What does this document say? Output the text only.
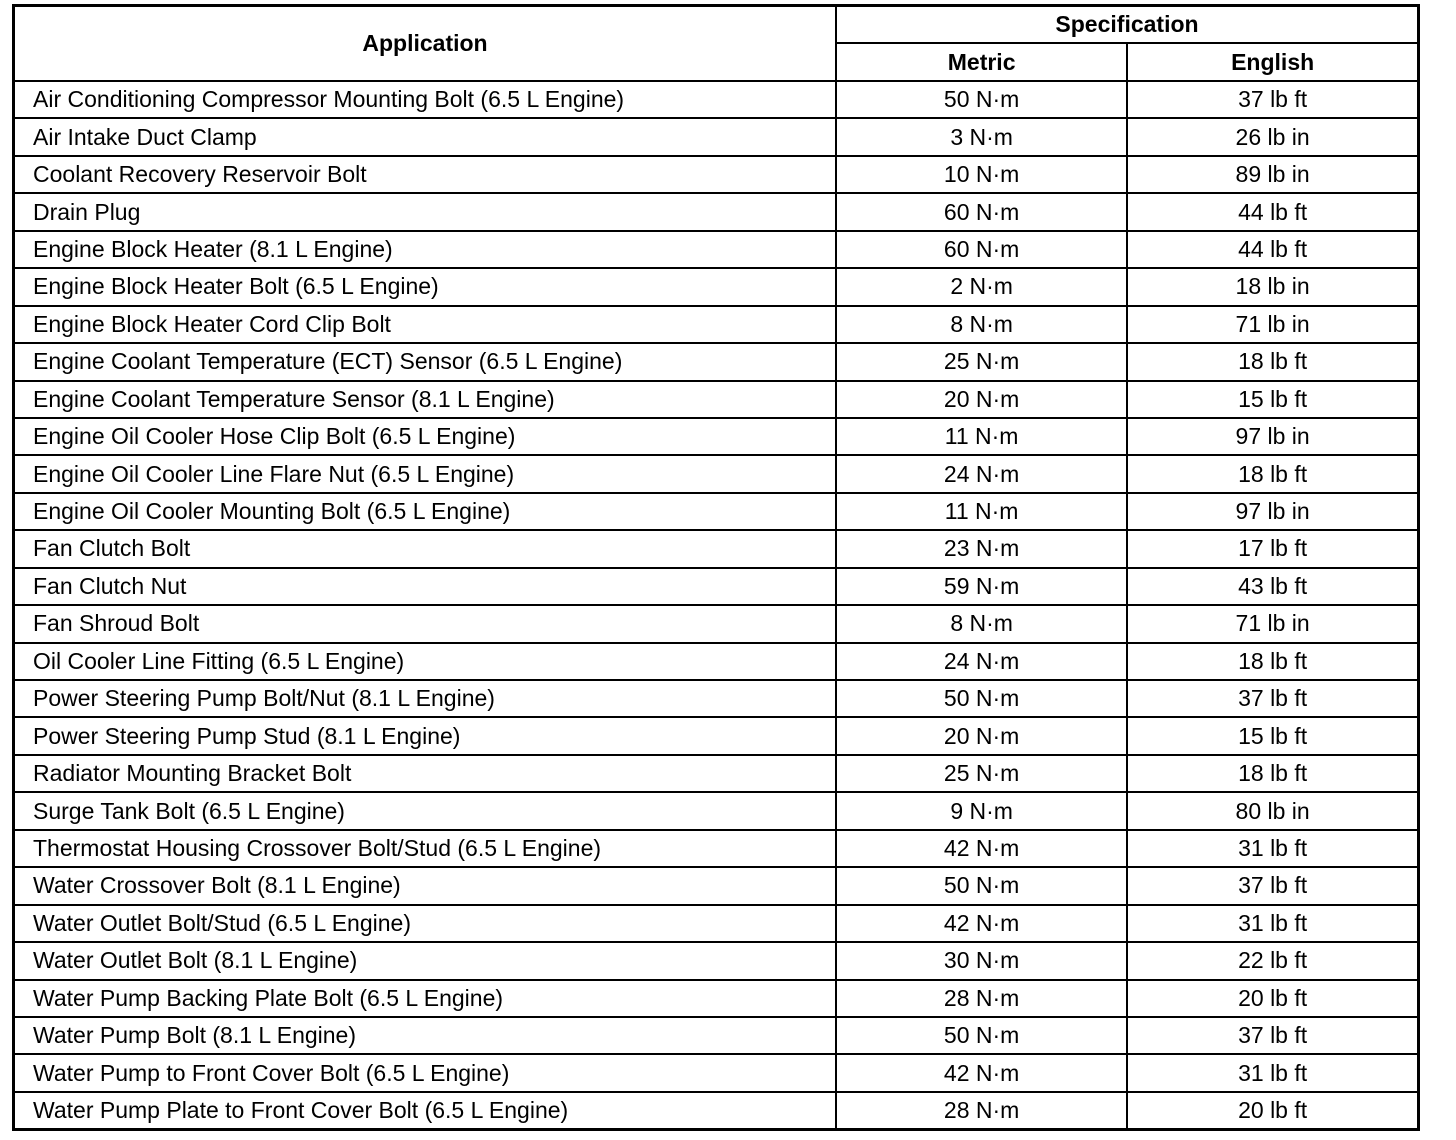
Application	Specification	
	Metric	English
Air Conditioning Compressor Mounting Bolt (6.5 L Engine)	50 N·m	37 lb ft
Air Intake Duct Clamp	3 N·m	26 lb in
Coolant Recovery Reservoir Bolt	10 N·m	89 lb in
Drain Plug	60 N·m	44 lb ft
Engine Block Heater (8.1 L Engine)	60 N·m	44 lb ft
Engine Block Heater Bolt (6.5 L Engine)	2 N·m	18 lb in
Engine Block Heater Cord Clip Bolt	8 N·m	71 lb in
Engine Coolant Temperature (ECT) Sensor (6.5 L Engine)	25 N·m	18 lb ft
Engine Coolant Temperature Sensor (8.1 L Engine)	20 N·m	15 lb ft
Engine Oil Cooler Hose Clip Bolt (6.5 L Engine)	11 N·m	97 lb in
Engine Oil Cooler Line Flare Nut (6.5 L Engine)	24 N·m	18 lb ft
Engine Oil Cooler Mounting Bolt (6.5 L Engine)	11 N·m	97 lb in
Fan Clutch Bolt	23 N·m	17 lb ft
Fan Clutch Nut	59 N·m	43 lb ft
Fan Shroud Bolt	8 N·m	71 lb in
Oil Cooler Line Fitting (6.5 L Engine)	24 N·m	18 lb ft
Power Steering Pump Bolt/Nut (8.1 L Engine)	50 N·m	37 lb ft
Power Steering Pump Stud (8.1 L Engine)	20 N·m	15 lb ft
Radiator Mounting Bracket Bolt	25 N·m	18 lb ft
Surge Tank Bolt (6.5 L Engine)	9 N·m	80 lb in
Thermostat Housing Crossover Bolt/Stud (6.5 L Engine)	42 N·m	31 lb ft
Water Crossover Bolt (8.1 L Engine)	50 N·m	37 lb ft
Water Outlet Bolt/Stud (6.5 L Engine)	42 N·m	31 lb ft
Water Outlet Bolt (8.1 L Engine)	30 N·m	22 lb ft
Water Pump Backing Plate Bolt (6.5 L Engine)	28 N·m	20 lb ft
Water Pump Bolt (8.1 L Engine)	50 N·m	37 lb ft
Water Pump to Front Cover Bolt (6.5 L Engine)	42 N·m	31 lb ft
Water Pump Plate to Front Cover Bolt (6.5 L Engine)	28 N·m	20 lb ft
